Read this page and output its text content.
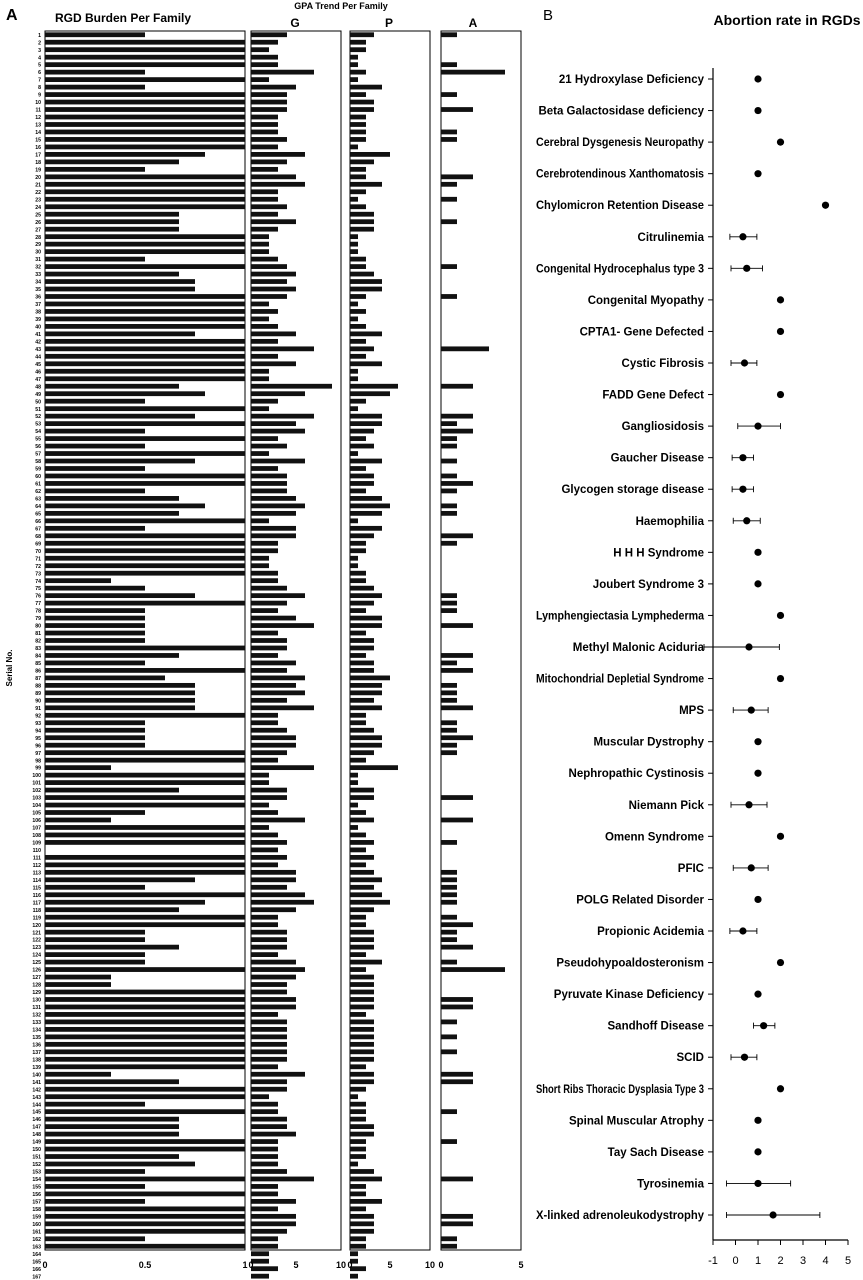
A	RGD Burden Per Family
GPA Trend Per Family
G	P	A
Serial No.
B	Abortion rate in RGDs
0	0.5	1 0	5	10 0	5	10 0	5
1
2
3
4
5
6
7
8
9
10
11
12
13
14
15
16
17
18
19
20
21
22
23
24
25
26
27
28
29
30
31
32
33
34
35
36
37
38
39
40
41
42
43
44
45
46
47
48
49
50
51
52
53
54
55
56
57
58
59
60
61
62
63
64
65
66
67
68
69
70
71
72
73
74
75
76
77
78
79
80
81
82
83
84
85
86
87
88
89
90
91
92
93
94
95
96
97
98
99
100
101
102
103
104
105
106
107
108
109
110
111
112
113
114
115
116
117
118
119
120
121
122
123
124
125
126
127
128
129
130
131
132
133
134
135
136
137
138
139
140
141
142
143
144
145
146
147
148
149
150
151
152
153
154
155
156
157
158
159
160
161
162
163
164
165
166
167
-1 0 1 2 3 4 5
21 Hydroxylase Deficiency
Beta Galactosidase deficiency
Cerebral Dysgenesis Neuropathy
Cerebrotendinous Xanthomatosis
Chylomicron Retention Disease
Citrulinemia
Congenital Hydrocephalus type 3
Congenital Myopathy
CPTA1- Gene Defected
Cystic Fibrosis
FADD Gene Defect
Gangliosidosis
Gaucher Disease
Glycogen storage disease
Haemophilia
H H H Syndrome
Joubert Syndrome 3
Lymphengiectasia Lymphederma
Methyl Malonic Aciduria
Mitochondrial Depletial Syndrome
MPS
Muscular Dystrophy
Nephropathic Cystinosis
Niemann Pick
Omenn Syndrome
PFIC
POLG Related Disorder
Propionic Acidemia
Pseudohypoaldosteronism
Pyruvate Kinase Deficiency
Sandhoff Disease
SCID
Short Ribs Thoracic Dysplasia Type 3
Spinal Muscular Atrophy
Tay Sach Disease
Tyrosinemia
X-linked adrenoleukodystrophy
